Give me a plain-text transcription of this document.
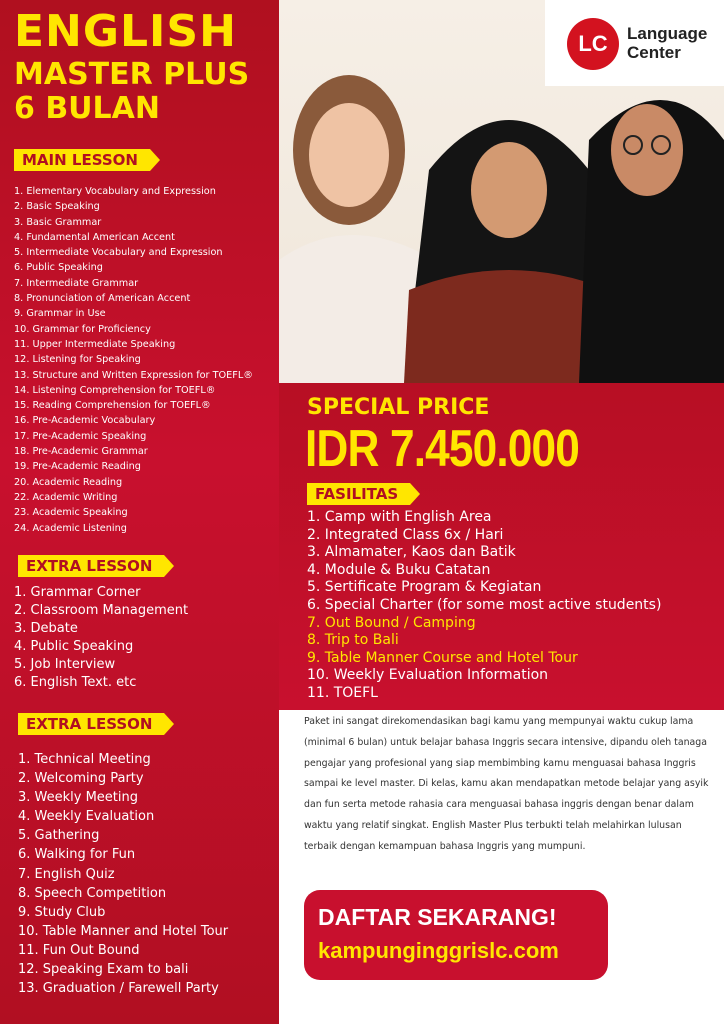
ENGLISH
MASTER PLUS
6 BULAN
MAIN LESSON
1. Elementary Vocabulary and Expression
2. Basic Speaking
3. Basic Grammar
4. Fundamental American Accent
5. Intermediate Vocabulary and Expression
6. Public Speaking
7. Intermediate Grammar
8. Pronunciation of American Accent
9. Grammar in Use
10. Grammar for Proficiency
11. Upper Intermediate Speaking
12. Listening for Speaking
13. Structure and Written Expression for TOEFL®
14. Listening Comprehension for TOEFL®
15. Reading Comprehension for TOEFL®
16. Pre-Academic Vocabulary
17. Pre-Academic Speaking
18. Pre-Academic Grammar
19. Pre-Academic Reading
20. Academic Reading
22. Academic Writing
23. Academic Speaking
24. Academic Listening
EXTRA LESSON
1. Grammar Corner
2. Classroom Management
3. Debate
4. Public Speaking
5. Job Interview
6. English Text. etc
EXTRA LESSON
1. Technical Meeting
2. Welcoming Party
3. Weekly Meeting
4. Weekly Evaluation
5. Gathering
6. Walking for Fun
7. English Quiz
8. Speech Competition
9. Study Club
10. Table Manner and Hotel Tour
11. Fun Out Bound
12. Speaking Exam to bali
13. Graduation / Farewell Party
LC	Language
Center
SPECIAL PRICE
IDR 7.450.000
FASILITAS
1. Camp with English Area
2. Integrated Class 6x / Hari
3. Almamater, Kaos dan Batik
4. Module & Buku Catatan
5. Sertificate Program & Kegiatan
6. Special Charter (for some most active students)
7. Out Bound / Camping
8. Trip to Bali
9. Table Manner Course and Hotel Tour
10. Weekly Evaluation Information
11. TOEFL
Paket ini sangat direkomendasikan bagi kamu yang mempunyai waktu cukup lama (minimal 6 bulan) untuk belajar bahasa Inggris secara intensive, dipandu oleh tanaga pengajar yang profesional yang siap membimbing kamu menguasai bahasa Inggris sampai ke level master. Di kelas, kamu akan mendapatkan metode belajar yang asyik dan fun serta metode rahasia cara menguasai bahasa inggris dengan benar dalam waktu yang relatif singkat. English Master Plus terbukti telah melahirkan lulusan terbaik dengan kemampuan bahasa Inggris yang mumpuni.
DAFTAR SEKARANG!
kampunginggrislc.com
